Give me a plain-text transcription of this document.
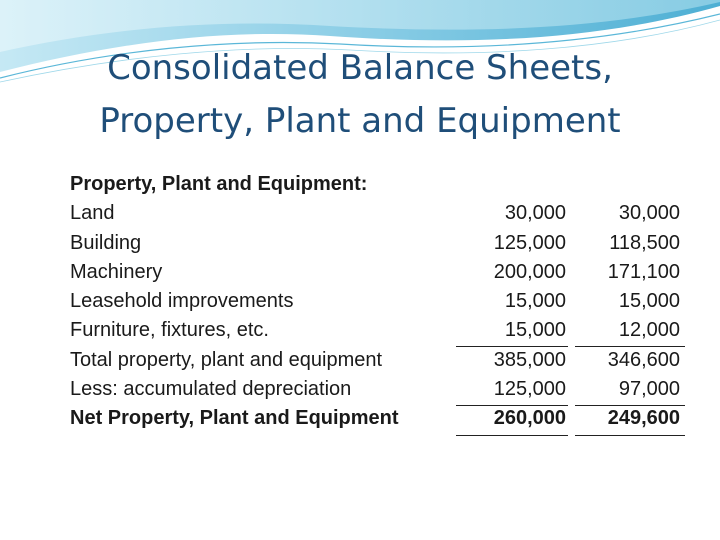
Consolidated Balance Sheets,
Property, Plant and Equipment
Property, Plant and Equipment:
Land	30,000	30,000
Building	125,000 118,500
Machinery	200,000 171,100
Leasehold improvements	15,000	15,000
Furniture, fixtures, etc.	15,000	12,000
Total property, plant and equipment	385,000 346,600
Less: accumulated depreciation	125,000	97,000
Net Property, Plant and Equipment	260,000 249,600
